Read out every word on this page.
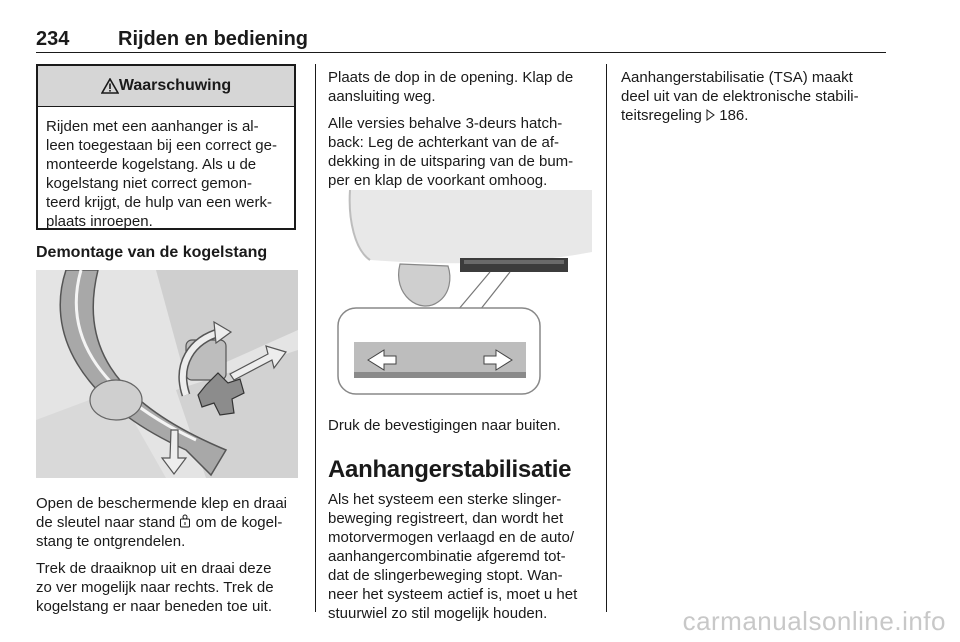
234 Rijden en bediening
Waarschuwing
Rijden met een aanhanger is al-
leen toegestaan bij een correct ge-
monteerde kogelstang. Als u de
kogelstang niet correct gemon-
teerd krijgt, de hulp van een werk-
plaats inroepen.
Demontage van de kogelstang

Open de beschermende klep en draai
de sleutel naar stand om de kogel-
stang te ontgrendelen.

Trek de draaiknop uit en draai deze
zo ver mogelijk naar rechts. Trek de
kogelstang er naar beneden toe uit.

Plaats de dop in de opening. Klap de
aansluiting weg.

Alle versies behalve 3-deurs hatch-
back: Leg de achterkant van de af-
dekking in de uitsparing van de bum-
per en klap de voorkant omhoog.

Druk de bevestigingen naar buiten.
Aanhangerstabilisatie

Als het systeem een sterke slinger-
beweging registreert, dan wordt het
motorvermogen verlaagd en de auto/
aanhangercombinatie afgeremd tot-
dat de slingerbeweging stopt. Wan-
neer het systeem actief is, moet u het
stuurwiel zo stil mogelijk houden.

Aanhangerstabilisatie (TSA) maakt
deel uit van de elektronische stabili-
teitsregeling 186.

carmanualsonline.info
